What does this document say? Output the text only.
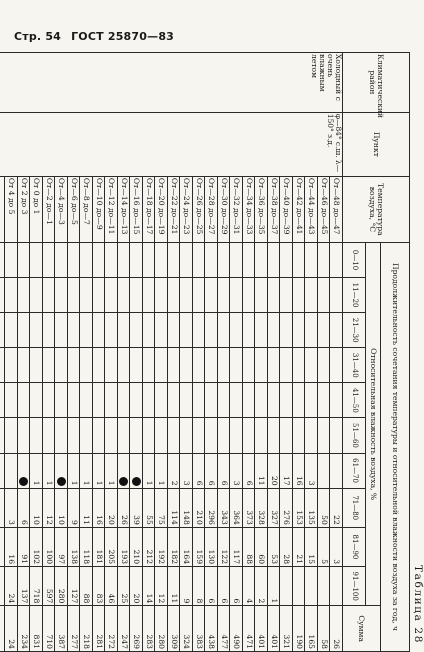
Стр. 54 ГОСТ 25870—83
Таблица 28
Климатический район	Пункт	Температура воздуха, °С	Продолжительность сочетания температуры и относительной влажности воздуха за год, ч										
			Относительная влажность воздуха, %										Сумма
			0—10	11—20	21—30	31—40	41—50	51—60	61—70	71—80	81—90	91—100	
Холодный с очень влажным летом	φ—84° с.ш. λ—150° з.д.	От—48 до—47								22	3		26
		От—46 до—45								50	5		58
		От—44 до—43							3	135	15		165
		От—42 до—41							16	153	21		190
		От—40 до—39							17	276	28		321
		От—38 до—37							20	327	53	1	401
		От—36 до—35							11	328	60	2	401
		От—34 до—33							6	373	88	4	471
		От—32 до—31							3	364	117	6	490
		От—30 до—29							6	343	122	6	477
		От—28 до—27							6	296	130	6	438
		От—26 до—25							6	210	159	8	383
		От—24 до—23							3	148	164	9	324
		От—22 до—21							2	114	182	11	309
		От—20 до—19							1	75	192	12	280
		От—18 до—17							1	55	212	14	283
		От—16 до—15								39	210	20	269
		От—14 до—13								26	193	25	247
		От—12 до—11							1	20	205	46	272
		От—10 до—9							1	16	181	83	281
		От—8 до—7							1	11	118	88	218
		От—6 до—5							1	9	138	127	277
		От—4 до—3								10	97	280	387
		От—2 до—1							1	12	100	597	710
		От 0 до 1							1	10	102	718	831
		От 2 до 3								6	91	137	234
		От 4 до 5								3	16	24	24
